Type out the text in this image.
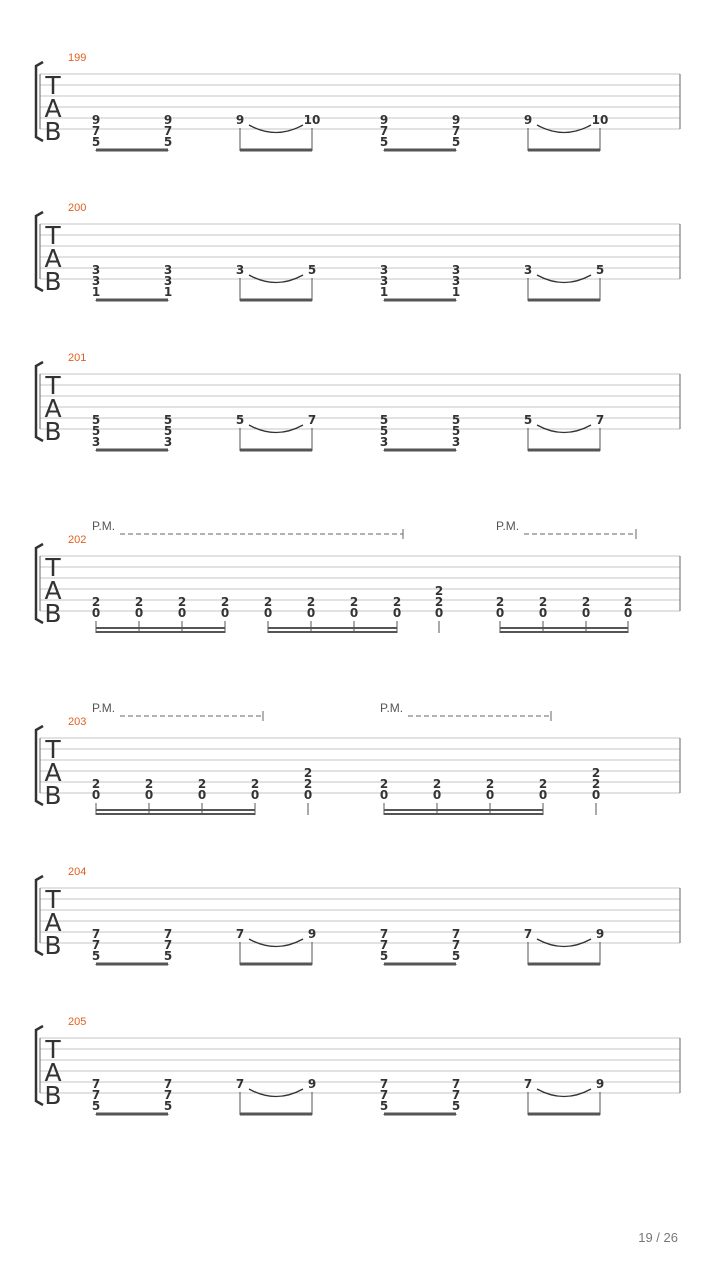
199
T
A
B	9
7
5
9
7
5
9	10	9
7
5
9
7
5
9	10
200
T
A
B	3
3
1
3
3
1
3	5	3
3
1
3
3
1
3	5
201
T
A
B	5
5
3
5
5
3
5	7	5
5
3
5
5
3
5	7
202
T
A
B	2
0
2
0
2
0
2
0
2
0
2
0
2
0
2
0
2
2
0
2
0
2
0
2
0
2
0
P.M.	P.M.
203
T
A
B	2
0
2
0
2
0
2
0
2
2
0
2
0
2
0
2
0
2
0
2
2
0
P.M.	P.M.
204
T
A
B	7
7
5
7
7
5
7	9	7
7
5
7
7
5
7	9
205
T
A
B	7
7
5
7
7
5
7	9	7
7
5
7
7
5
7	9
19 / 26
